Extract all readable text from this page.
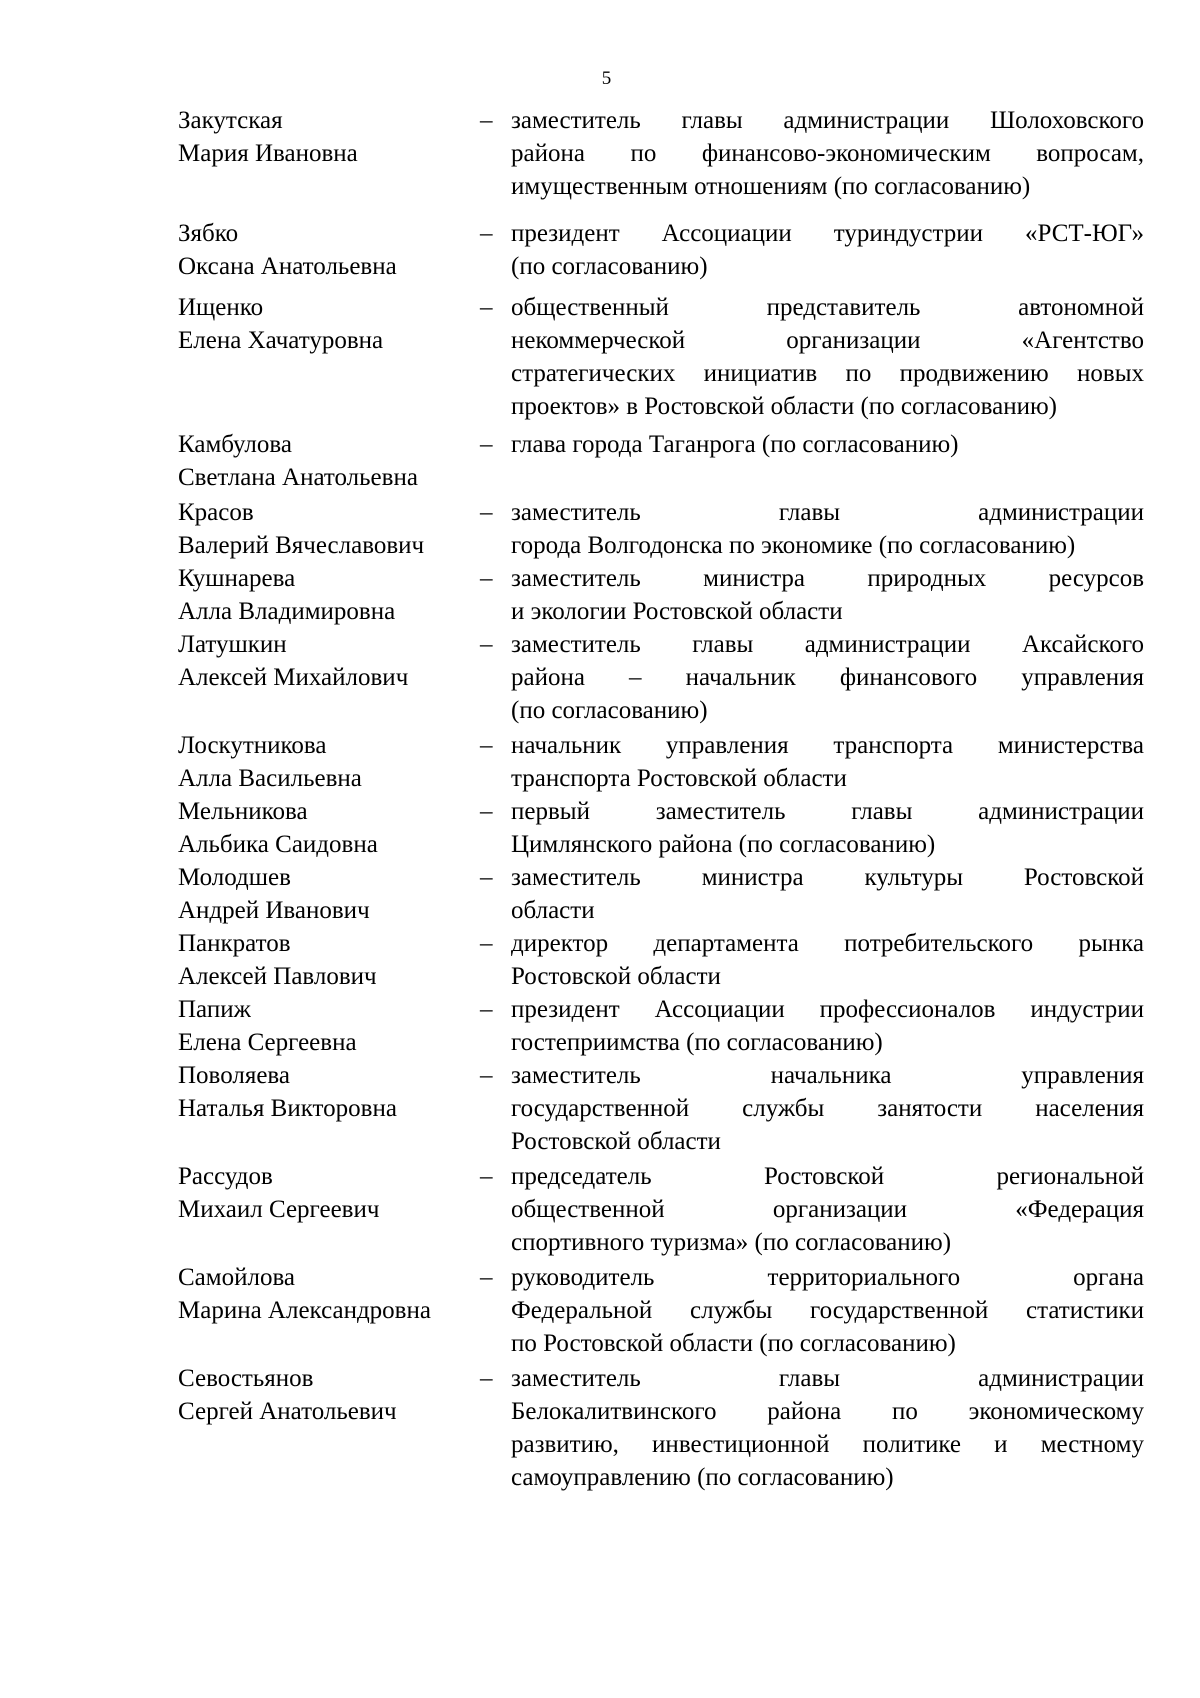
5
Закутская
Мария Ивановна
– заместитель главы администрации Шолоховского
района по финансово-экономическим вопросам,
имущественным отношениям (по согласованию)
Зябко
Оксана Анатольевна
– президент Ассоциации туриндустрии «РСТ-ЮГ»
(по согласованию)
Ищенко
Елена Хачатуровна
– общественный представитель автономной
некоммерческой организации «Агентство
стратегических инициатив по продвижению новых
проектов» в Ростовской области (по согласованию)
Камбулова
Светлана Анатольевна
– глава города Таганрога (по согласованию)
Красов
Валерий Вячеславович
– заместитель главы администрации
города Волгодонска по экономике (по согласованию)
Кушнарева
Алла Владимировна
– заместитель министра природных ресурсов
и экологии Ростовской области
Латушкин
Алексей Михайлович
– заместитель главы администрации Аксайского
района – начальник финансового управления
(по согласованию)
Лоскутникова
Алла Васильевна
– начальник управления транспорта министерства
транспорта Ростовской области
Мельникова
Альбика Саидовна
– первый заместитель главы администрации
Цимлянского района (по согласованию)
Молодшев
Андрей Иванович
– заместитель министра культуры Ростовской
области
Панкратов
Алексей Павлович
– директор департамента потребительского рынка
Ростовской области
Папиж
Елена Сергеевна
– президент Ассоциации профессионалов индустрии
гостеприимства (по согласованию)
Поволяева
Наталья Викторовна
– заместитель начальника управления
государственной службы занятости населения
Ростовской области
Рассудов
Михаил Сергеевич
– председатель Ростовской региональной
общественной организации «Федерация
спортивного туризма» (по согласованию)
Самойлова
Марина Александровна
– руководитель территориального органа
Федеральной службы государственной статистики
по Ростовской области (по согласованию)
Севостьянов
Сергей Анатольевич
– заместитель главы администрации
Белокалитвинского района по экономическому
развитию, инвестиционной политике и местному
самоуправлению (по согласованию)
